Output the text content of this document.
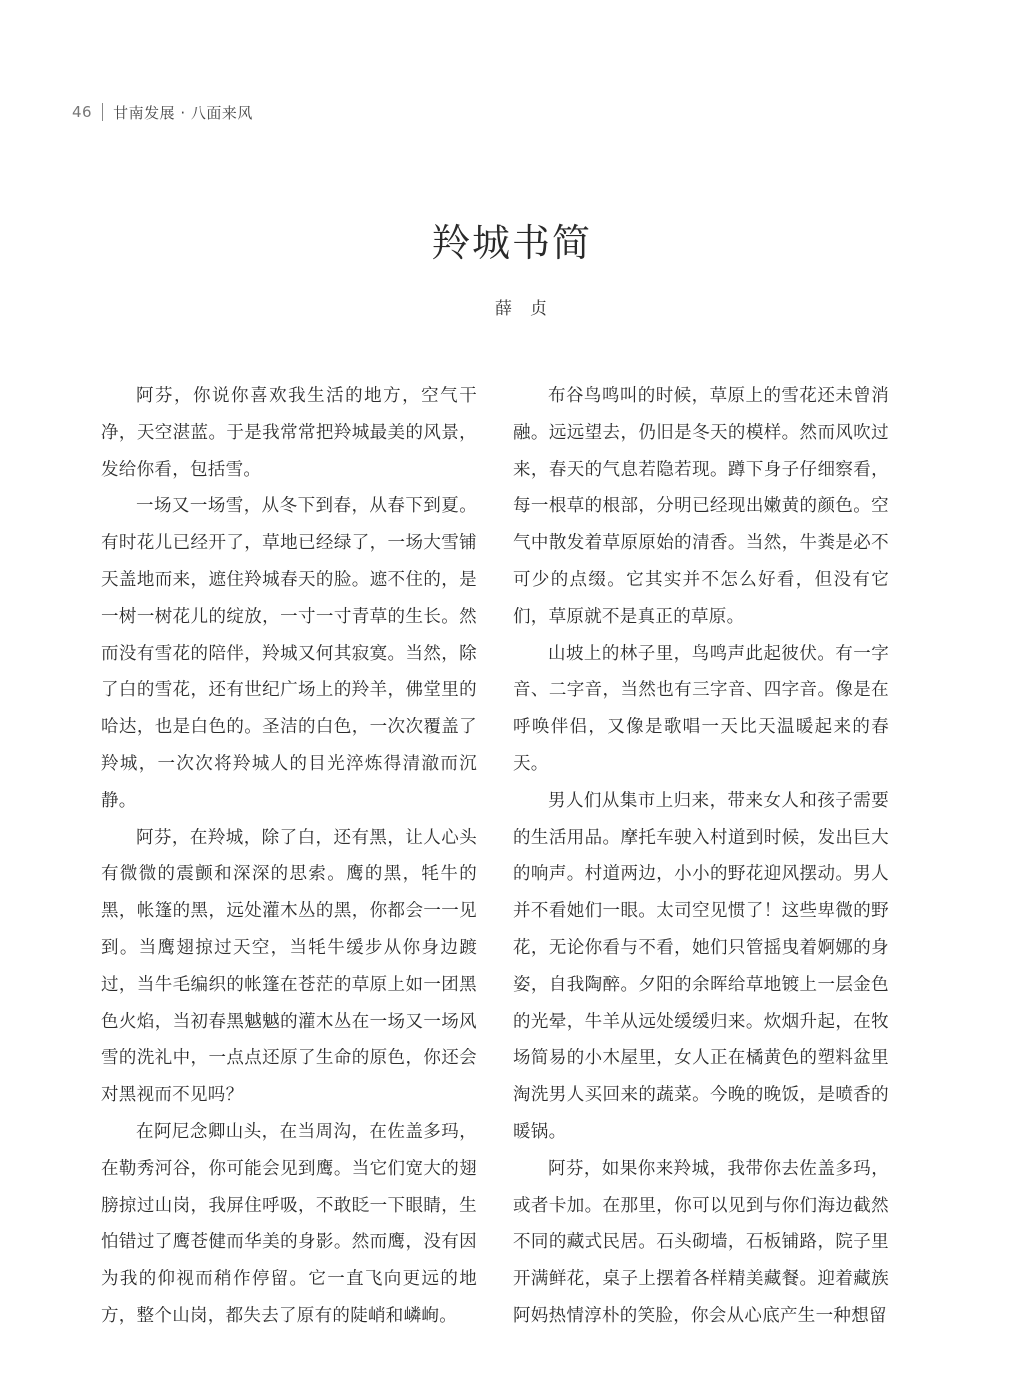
46 甘南发展 · 八面来风
羚城书简
薛贞

阿芬，你说你喜欢我生活的地方，空气干净，天空湛蓝。于是我常常把羚城最美的风景，发给你看，包括雪。

一场又一场雪，从冬下到春，从春下到夏。有时花儿已经开了，草地已经绿了，一场大雪铺天盖地而来，遮住羚城春天的脸。遮不住的，是一树一树花儿的绽放，一寸一寸青草的生长。然而没有雪花的陪伴，羚城又何其寂寞。当然，除了白的雪花，还有世纪广场上的羚羊，佛堂里的哈达，也是白色的。圣洁的白色，一次次覆盖了羚城，一次次将羚城人的目光淬炼得清澈而沉静。

阿芬，在羚城，除了白，还有黑，让人心头有微微的震颤和深深的思索。鹰的黑，牦牛的黑，帐篷的黑，远处灌木丛的黑，你都会一一见到。当鹰翅掠过天空，当牦牛缓步从你身边踱过，当牛毛编织的帐篷在苍茫的草原上如一团黑色火焰，当初春黑魆魆的灌木丛在一场又一场风雪的洗礼中，一点点还原了生命的原色，你还会对黑视而不见吗？

在阿尼念卿山头，在当周沟，在佐盖多玛，在勒秀河谷，你可能会见到鹰。当它们宽大的翅膀掠过山岗，我屏住呼吸，不敢眨一下眼睛，生怕错过了鹰苍健而华美的身影。然而鹰，没有因为我的仰视而稍作停留。它一直飞向更远的地方，整个山岗，都失去了原有的陡峭和嶙峋。

布谷鸟鸣叫的时候，草原上的雪花还未曾消融。远远望去，仍旧是冬天的模样。然而风吹过来，春天的气息若隐若现。蹲下身子仔细察看，每一根草的根部，分明已经现出嫩黄的颜色。空气中散发着草原原始的清香。当然，牛粪是必不可少的点缀。它其实并不怎么好看，但没有它们，草原就不是真正的草原。

山坡上的林子里，鸟鸣声此起彼伏。有一字音、二字音，当然也有三字音、四字音。像是在呼唤伴侣，又像是歌唱一天比天温暖起来的春天。

男人们从集市上归来，带来女人和孩子需要的生活用品。摩托车驶入村道到时候，发出巨大的响声。村道两边，小小的野花迎风摆动。男人并不看她们一眼。太司空见惯了！这些卑微的野花，无论你看与不看，她们只管摇曳着婀娜的身姿，自我陶醉。夕阳的余晖给草地镀上一层金色的光晕，牛羊从远处缓缓归来。炊烟升起，在牧场简易的小木屋里，女人正在橘黄色的塑料盆里淘洗男人买回来的蔬菜。今晚的晚饭，是喷香的暖锅。

阿芬，如果你来羚城，我带你去佐盖多玛，或者卡加。在那里，你可以见到与你们海边截然不同的藏式民居。石头砌墙，石板铺路，院子里开满鲜花，桌子上摆着各样精美藏餐。迎着藏族阿妈热情淳朴的笑脸，你会从心底产生一种想留
